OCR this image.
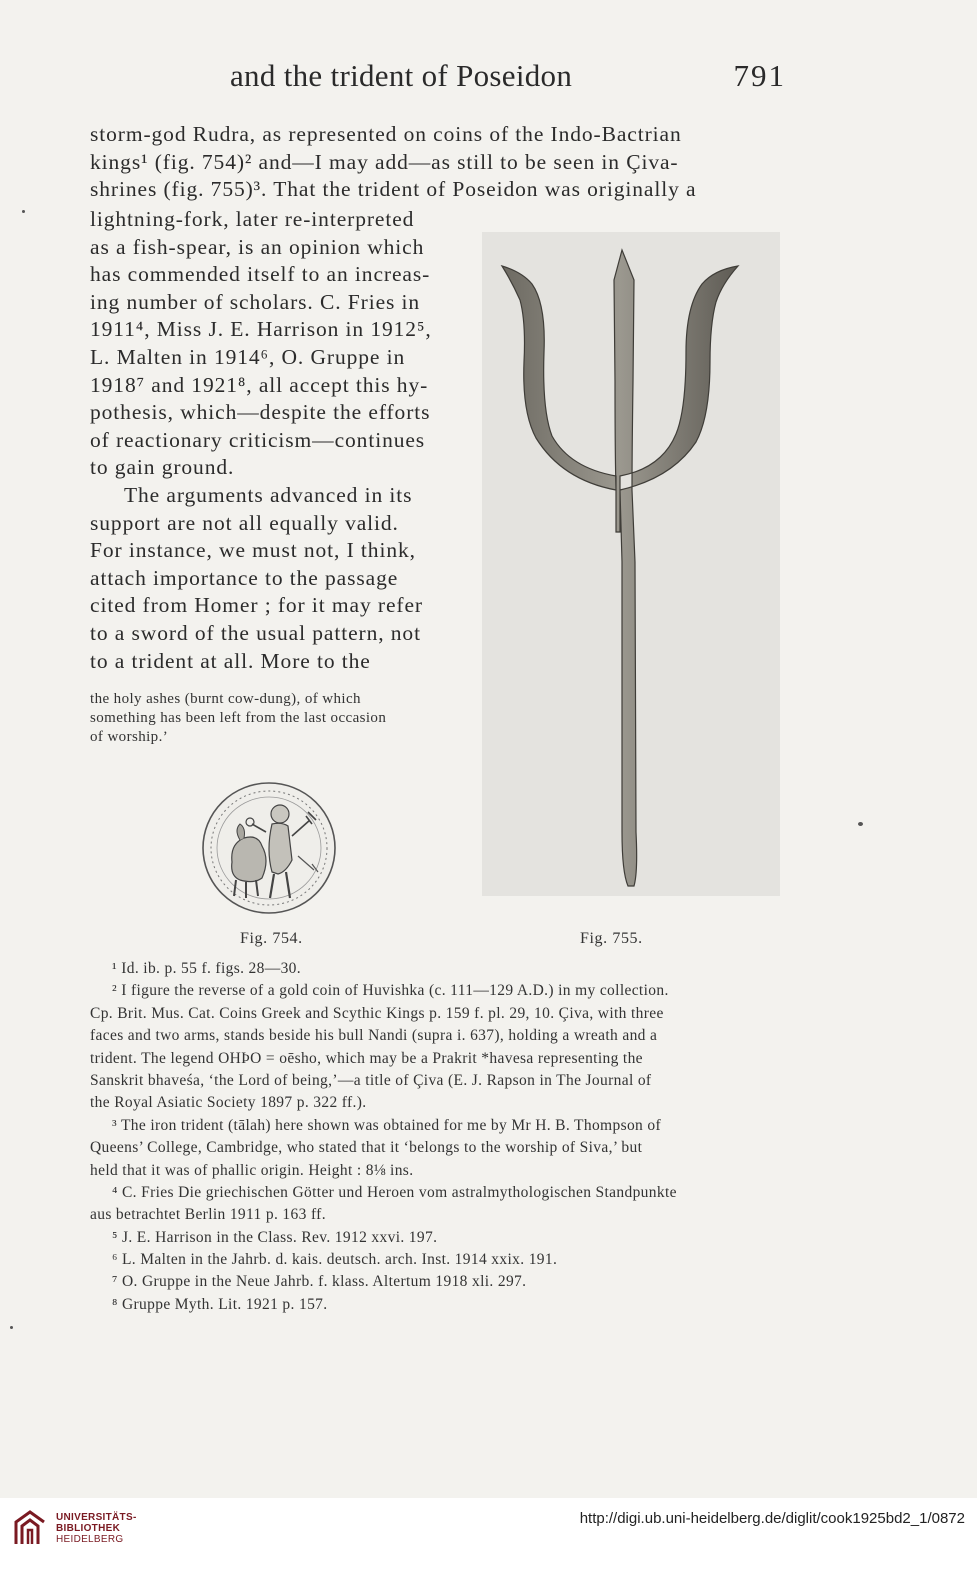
and the trident of Poseidon	791
storm-god Rudra, as represented on coins of the Indo-Bactrian
kings¹ (fig. 754)² and—I may add—as still to be seen in Çiva-
shrines (fig. 755)³. That the trident of Poseidon was originally a
lightning-fork, later re-interpreted
as a fish-spear, is an opinion which
has commended itself to an increas-
ing number of scholars. C. Fries in
1911⁴, Miss J. E. Harrison in 1912⁵,
L. Malten in 1914⁶, O. Gruppe in
1918⁷ and 1921⁸, all accept this hy-
pothesis, which—despite the efforts
of reactionary criticism—continues
to gain ground.
The arguments advanced in its
support are not all equally valid.
For instance, we must not, I think,
attach importance to the passage
cited from Homer ; for it may refer
to a sword of the usual pattern, not
to a trident at all. More to the
the holy ashes (burnt cow-dung), of which
something has been left from the last occasion
of worship.’
Fig. 754.	Fig. 755.
¹ Id. ib. p. 55 f. figs. 28—30.
² I figure the reverse of a gold coin of Huvishka (c. 111—129 A.D.) in my collection.
Cp. Brit. Mus. Cat. Coins Greek and Scythic Kings p. 159 f. pl. 29, 10. Çiva, with three
faces and two arms, stands beside his bull Nandi (supra i. 637), holding a wreath and a
trident. The legend OHÞO = oēsho, which may be a Prakrit *havesa representing the
Sanskrit bhaveśa, ‘the Lord of being,’—a title of Çiva (E. J. Rapson in The Journal of
the Royal Asiatic Society 1897 p. 322 ff.).
³ The iron trident (tālah) here shown was obtained for me by Mr H. B. Thompson of
Queens’ College, Cambridge, who stated that it ‘belongs to the worship of Siva,’ but
held that it was of phallic origin. Height : 8⅛ ins.
⁴ C. Fries Die griechischen Götter und Heroen vom astralmythologischen Standpunkte
aus betrachtet Berlin 1911 p. 163 ff.
⁵ J. E. Harrison in the Class. Rev. 1912 xxvi. 197.
⁶ L. Malten in the Jahrb. d. kais. deutsch. arch. Inst. 1914 xxix. 191.
⁷ O. Gruppe in the Neue Jahrb. f. klass. Altertum 1918 xli. 297.
⁸ Gruppe Myth. Lit. 1921 p. 157.
UNIVERSITÄTS-
BIBLIOTHEK
HEIDELBERG
http://digi.ub.uni-heidelberg.de/diglit/cook1925bd2_1/0872
